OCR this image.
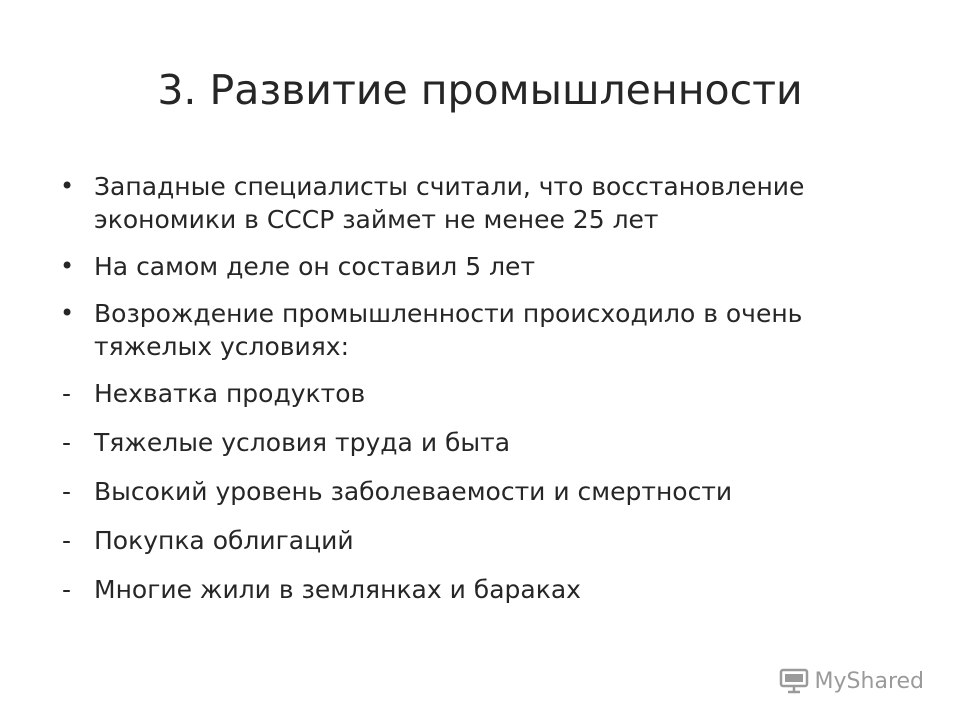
3. Развитие промышленности
• Западные специалисты считали, что восстановление экономики в СССР займет не менее 25 лет
• На самом деле он составил 5 лет
• Возрождение промышленности происходило в очень тяжелых условиях:
- Нехватка продуктов
- Тяжелые условия труда и быта
- Высокий уровень заболеваемости и смертности
- Покупка облигаций
- Многие жили в землянках и бараках
MyShared
